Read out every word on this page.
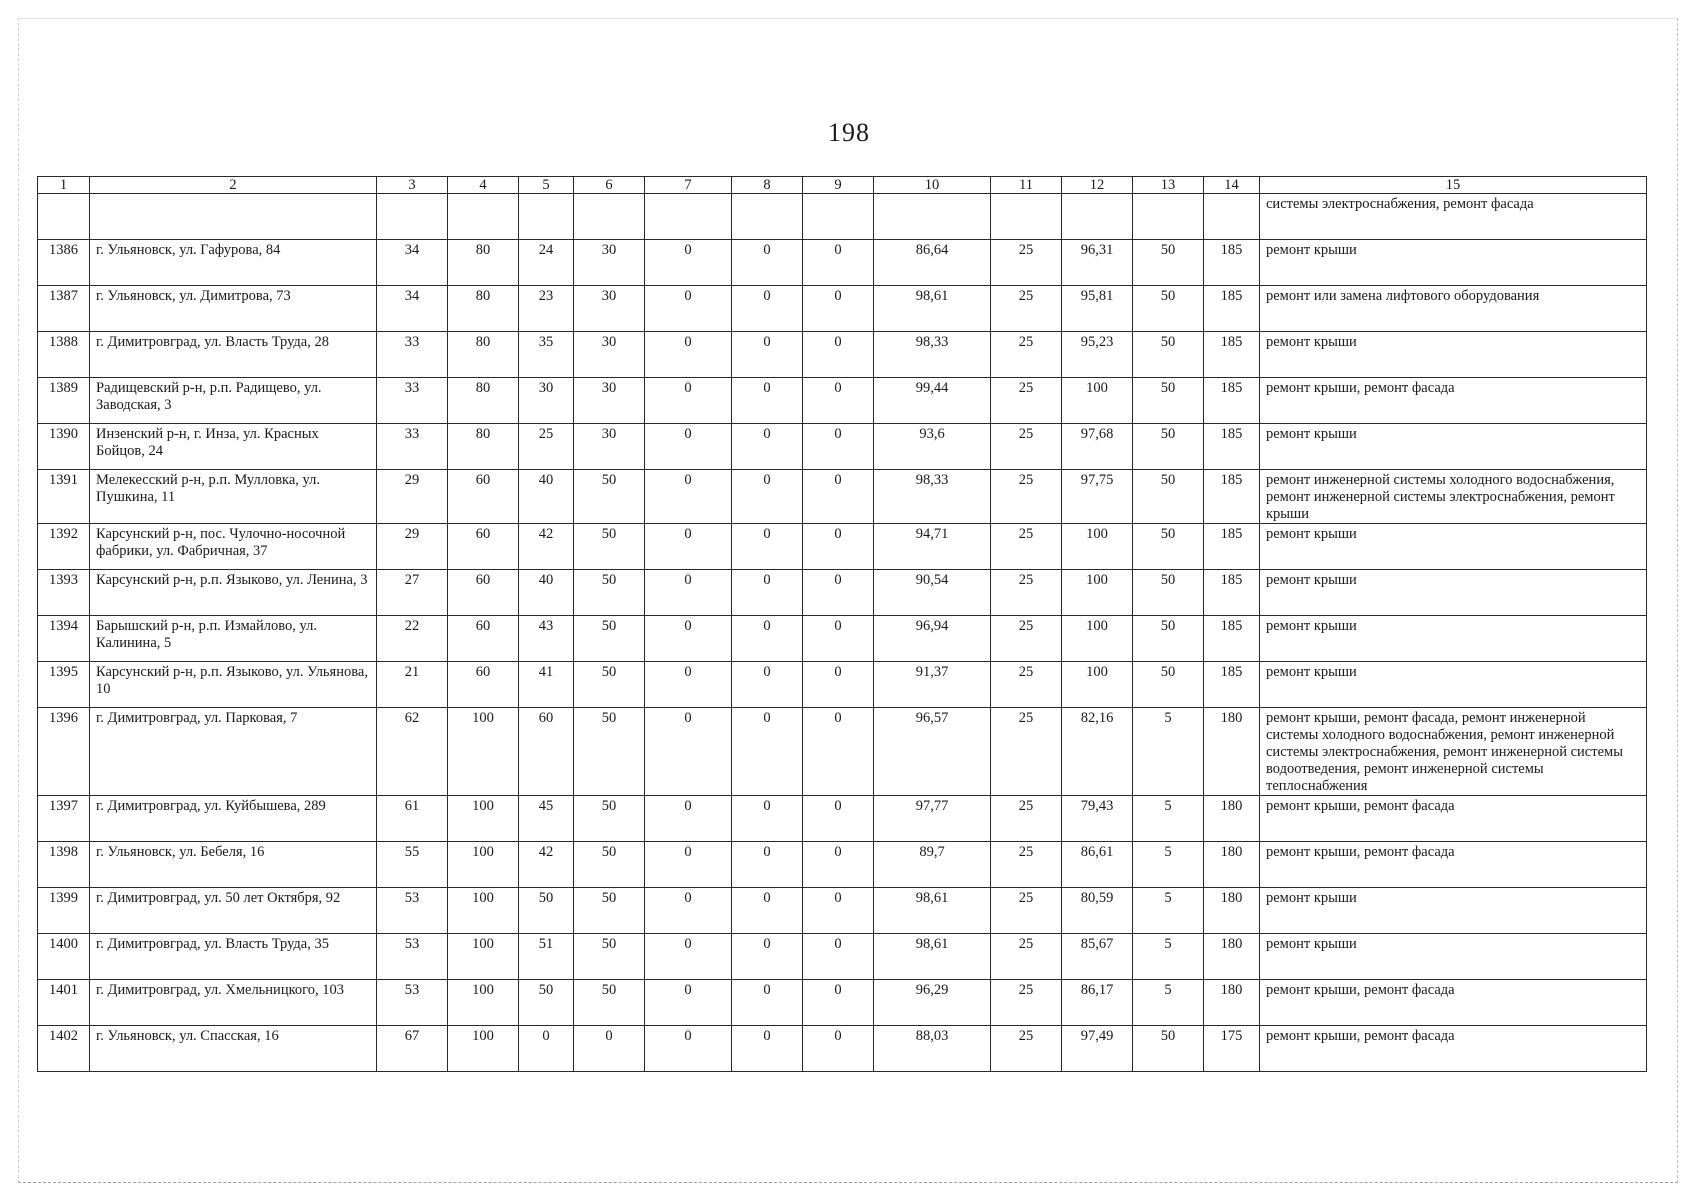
198
1	2	3	4	5	6	7	8	9	10	11	12	13	14	15
														системы электроснабжения, ремонт фасада
1386	г. Ульяновск, ул. Гафурова, 84	34	80	24	30	0	0	0	86,64	25	96,31	50	185	ремонт крыши
1387	г. Ульяновск, ул. Димитрова, 73	34	80	23	30	0	0	0	98,61	25	95,81	50	185	ремонт или замена лифтового оборудования
1388	г. Димитровград, ул. Власть Труда, 28	33	80	35	30	0	0	0	98,33	25	95,23	50	185	ремонт крыши
1389	Радищевский р-н, р.п. Радищево, ул. Заводская, 3	33	80	30	30	0	0	0	99,44	25	100	50	185	ремонт крыши, ремонт фасада
1390	Инзенский р-н, г. Инза, ул. Красных Бойцов, 24	33	80	25	30	0	0	0	93,6	25	97,68	50	185	ремонт крыши
1391	Мелекесский р-н, р.п. Мулловка, ул. Пушкина, 11	29	60	40	50	0	0	0	98,33	25	97,75	50	185	ремонт инженерной системы холодного водоснабжения, ремонт инженерной системы электроснабжения, ремонт крыши
1392	Карсунский р-н, пос. Чулочно-носочной фабрики, ул. Фабричная, 37	29	60	42	50	0	0	0	94,71	25	100	50	185	ремонт крыши
1393	Карсунский р-н, р.п. Языково, ул. Ленина, 3	27	60	40	50	0	0	0	90,54	25	100	50	185	ремонт крыши
1394	Барышский р-н, р.п. Измайлово, ул. Калинина, 5	22	60	43	50	0	0	0	96,94	25	100	50	185	ремонт крыши
1395	Карсунский р-н, р.п. Языково, ул. Ульянова, 10	21	60	41	50	0	0	0	91,37	25	100	50	185	ремонт крыши
1396	г. Димитровград, ул. Парковая, 7	62	100	60	50	0	0	0	96,57	25	82,16	5	180	ремонт крыши, ремонт фасада, ремонт инженерной системы холодного водоснабжения, ремонт инженерной системы электроснабжения, ремонт инженерной системы водоотведения, ремонт инженерной системы теплоснабжения
1397	г. Димитровград, ул. Куйбышева, 289	61	100	45	50	0	0	0	97,77	25	79,43	5	180	ремонт крыши, ремонт фасада
1398	г. Ульяновск, ул. Бебеля, 16	55	100	42	50	0	0	0	89,7	25	86,61	5	180	ремонт крыши, ремонт фасада
1399	г. Димитровград, ул. 50 лет Октября, 92	53	100	50	50	0	0	0	98,61	25	80,59	5	180	ремонт крыши
1400	г. Димитровград, ул. Власть Труда, 35	53	100	51	50	0	0	0	98,61	25	85,67	5	180	ремонт крыши
1401	г. Димитровград, ул. Хмельницкого, 103	53	100	50	50	0	0	0	96,29	25	86,17	5	180	ремонт крыши, ремонт фасада
1402	г. Ульяновск, ул. Спасская, 16	67	100	0	0	0	0	0	88,03	25	97,49	50	175	ремонт крыши, ремонт фасада
